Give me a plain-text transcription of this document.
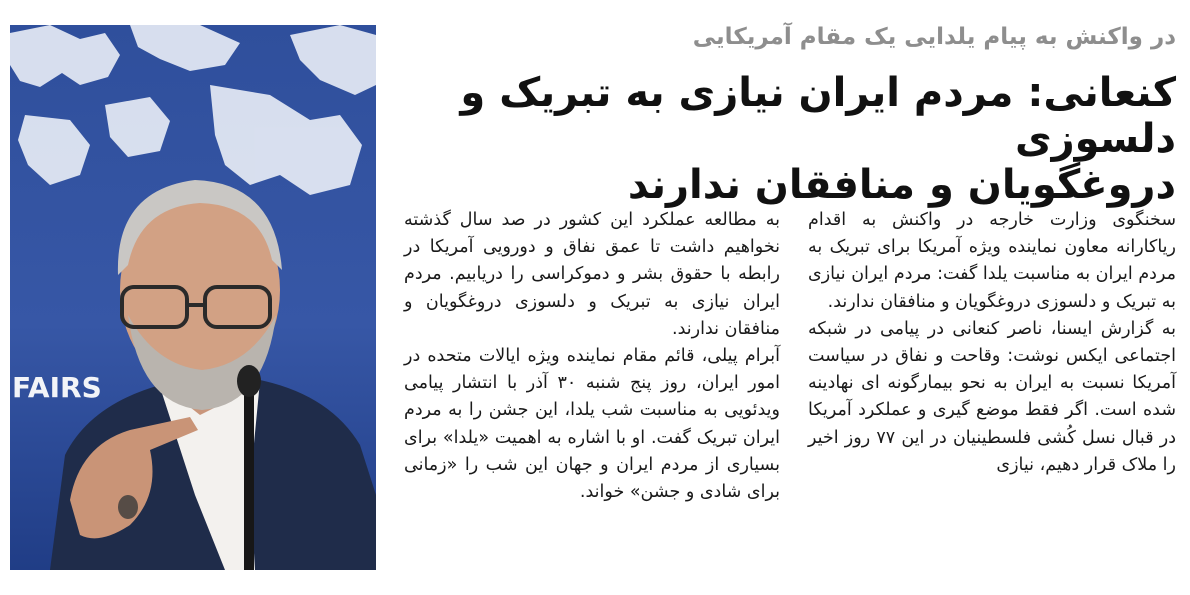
FAIRS
در واکنش به پیام یلدایی یک مقام آمریکایی
کنعانی: مردم ایران نیازی به تبریک و دلسوزی
دروغگویان و منافقان ندارند

سخنگوی وزارت خارجه در واکنش به اقدام ریاکارانه معاون نماینده ویژه آمریکا برای تبریک به مردم ایران به مناسبت یلدا گفت: مردم ایران نیازی به تبریک و دلسوزی دروغگویان و منافقان ندارند.

به گزارش ایسنا، ناصر کنعانی در پیامی در شبکه اجتماعی ایکس نوشت: وقاحت و نفاق در سیاست آمریکا نسبت به ایران به نحو بیمارگونه ای نهادینه شده است. اگر فقط موضع گیری و عملکرد آمریکا در قبال نسل کُشی فلسطینیان در این ۷۷ روز اخیر را ملاک قرار دهیم، نیازی

به مطالعه عملکرد این کشور در صد سال گذشته نخواهیم داشت تا عمق نفاق و دورویی آمریکا در رابطه با حقوق بشر و دموکراسی را دریابیم. مردم ایران نیازی به تبریک و دلسوزی دروغگویان و منافقان ندارند.

آبرام پیلی، قائم مقام نماینده ویژه ایالات متحده در امور ایران، روز پنج شنبه ۳۰ آذر با انتشار پیامی ویدئویی به مناسبت شب یلدا، این جشن را به مردم ایران تبریک گفت. او با اشاره به اهمیت «یلدا» برای بسیاری از مردم ایران و جهان این شب را «زمانی برای شادی و جشن» خواند.
